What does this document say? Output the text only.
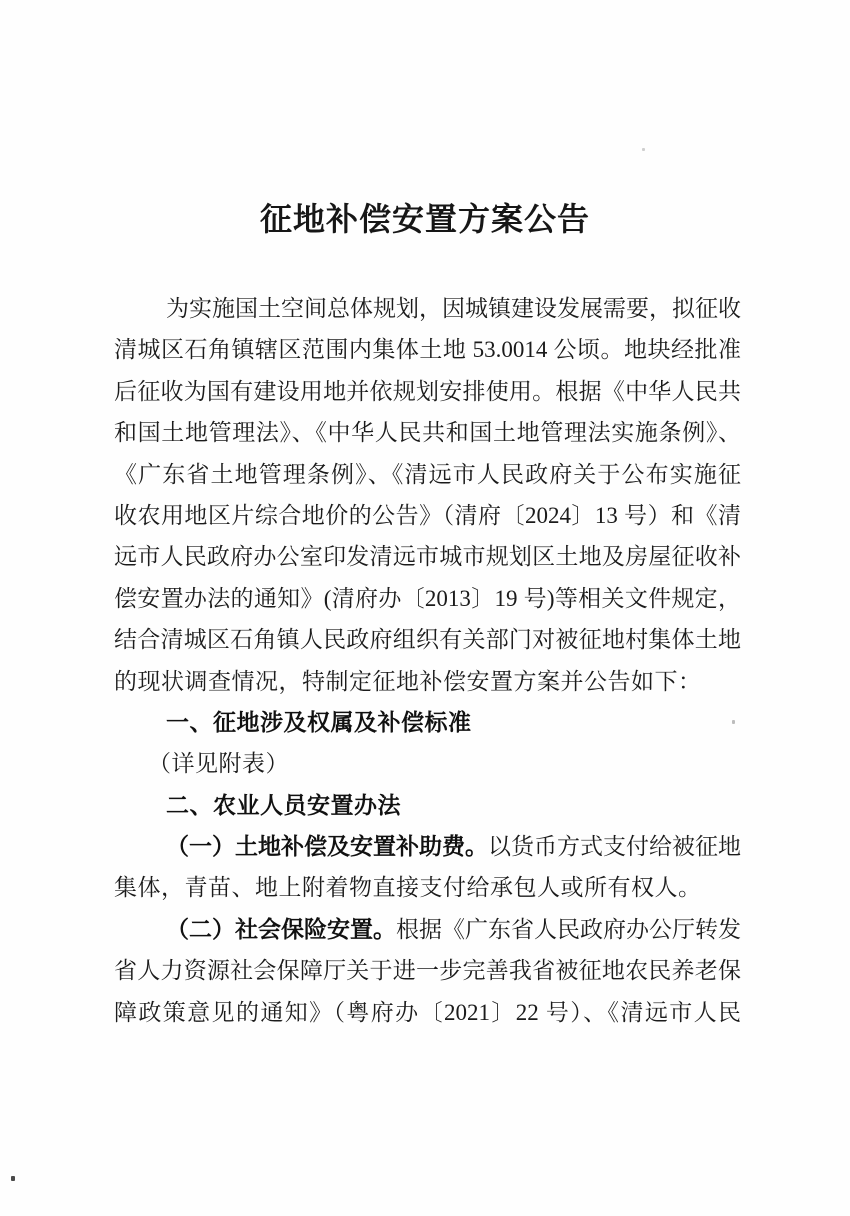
征地补偿安置方案公告
为实施国土空间总体规划，因城镇建设发展需要，拟征收
清城区石角镇辖区范围内集体土地 53.0014 公顷。地块经批准
后征收为国有建设用地并依规划安排使用。根据《中华人民共
和国土地管理法》、《中华人民共和国土地管理法实施条例》、
《广东省土地管理条例》、《清远市人民政府关于公布实施征
收农用地区片综合地价的公告》（清府〔2024〕13 号）和《清
远市人民政府办公室印发清远市城市规划区土地及房屋征收补
偿安置办法的通知》(清府办〔2013〕19 号)等相关文件规定，
结合清城区石角镇人民政府组织有关部门对被征地村集体土地
的现状调查情况，特制定征地补偿安置方案并公告如下：
一、征地涉及权属及补偿标准
（详见附表）
二、农业人员安置办法
（一）土地补偿及安置补助费。以货币方式支付给被征地
集体，青苗、地上附着物直接支付给承包人或所有权人。
（二）社会保险安置。根据《广东省人民政府办公厅转发
省人力资源社会保障厅关于进一步完善我省被征地农民养老保
障政策意见的通知》（粤府办〔2021〕22 号）、《清远市人民
